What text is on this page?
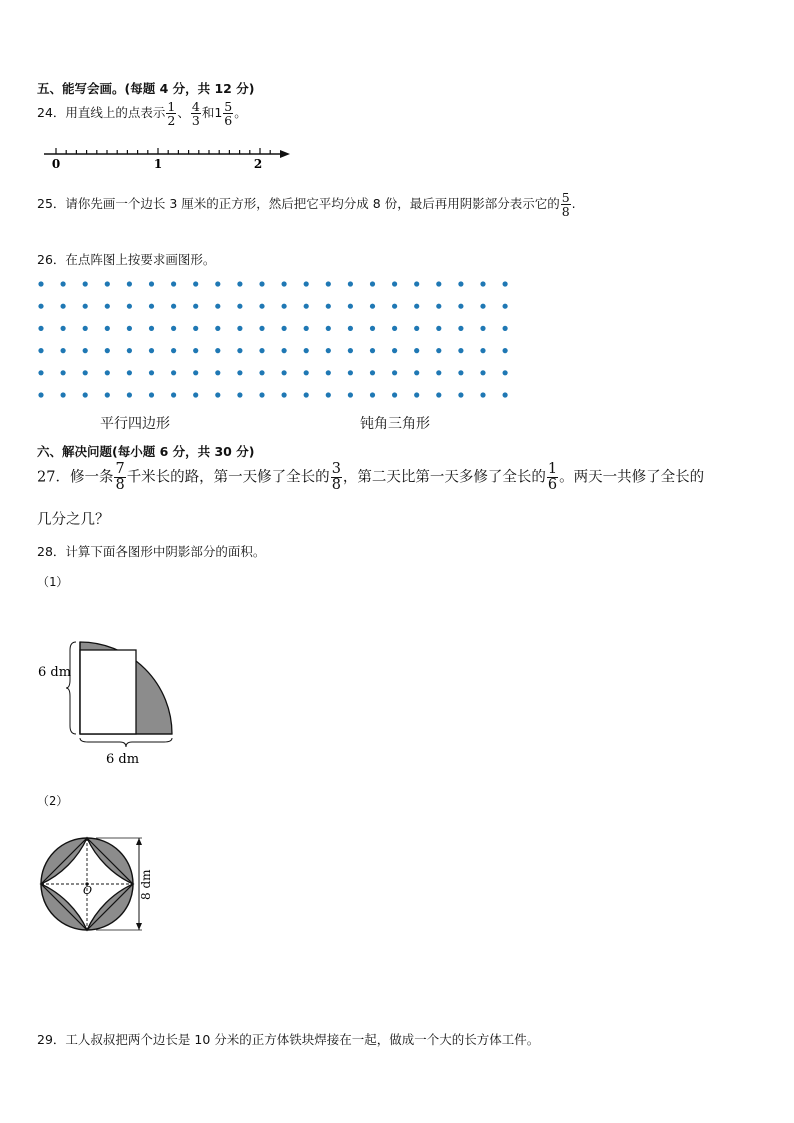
五、能写会画。(每题 4 分，共 12 分)
24．用直线上的点表示 $\frac{1}{2}$ 、 $\frac{4}{3}$ 和$1 \frac{5}{6}$ 。
0	1	2
25．请你先画一个边长 3 厘米的正方形，然后把它平均分成 8 份，最后再用阴影部分表示它的 $\frac{5}{8}$ .
26．在点阵图上按要求画图形。
平行四边形	钝角三角形
六、解决问题(每小题 6 分，共 30 分)
27．修一条 $\frac{7}{8}$ 千米长的路，第一天修了全长的 $\frac{3}{8}$ ，第二天比第一天多修了全长的 $\frac{1}{6}$ 。两天一共修了全长的
几分之几？
28．计算下面各图形中阴影部分的面积。
（1）
6 dm
6 dm
（2）
O	8 dm
29．工人叔叔把两个边长是 10 分米的正方体铁块焊接在一起，做成一个大的长方体工件。
